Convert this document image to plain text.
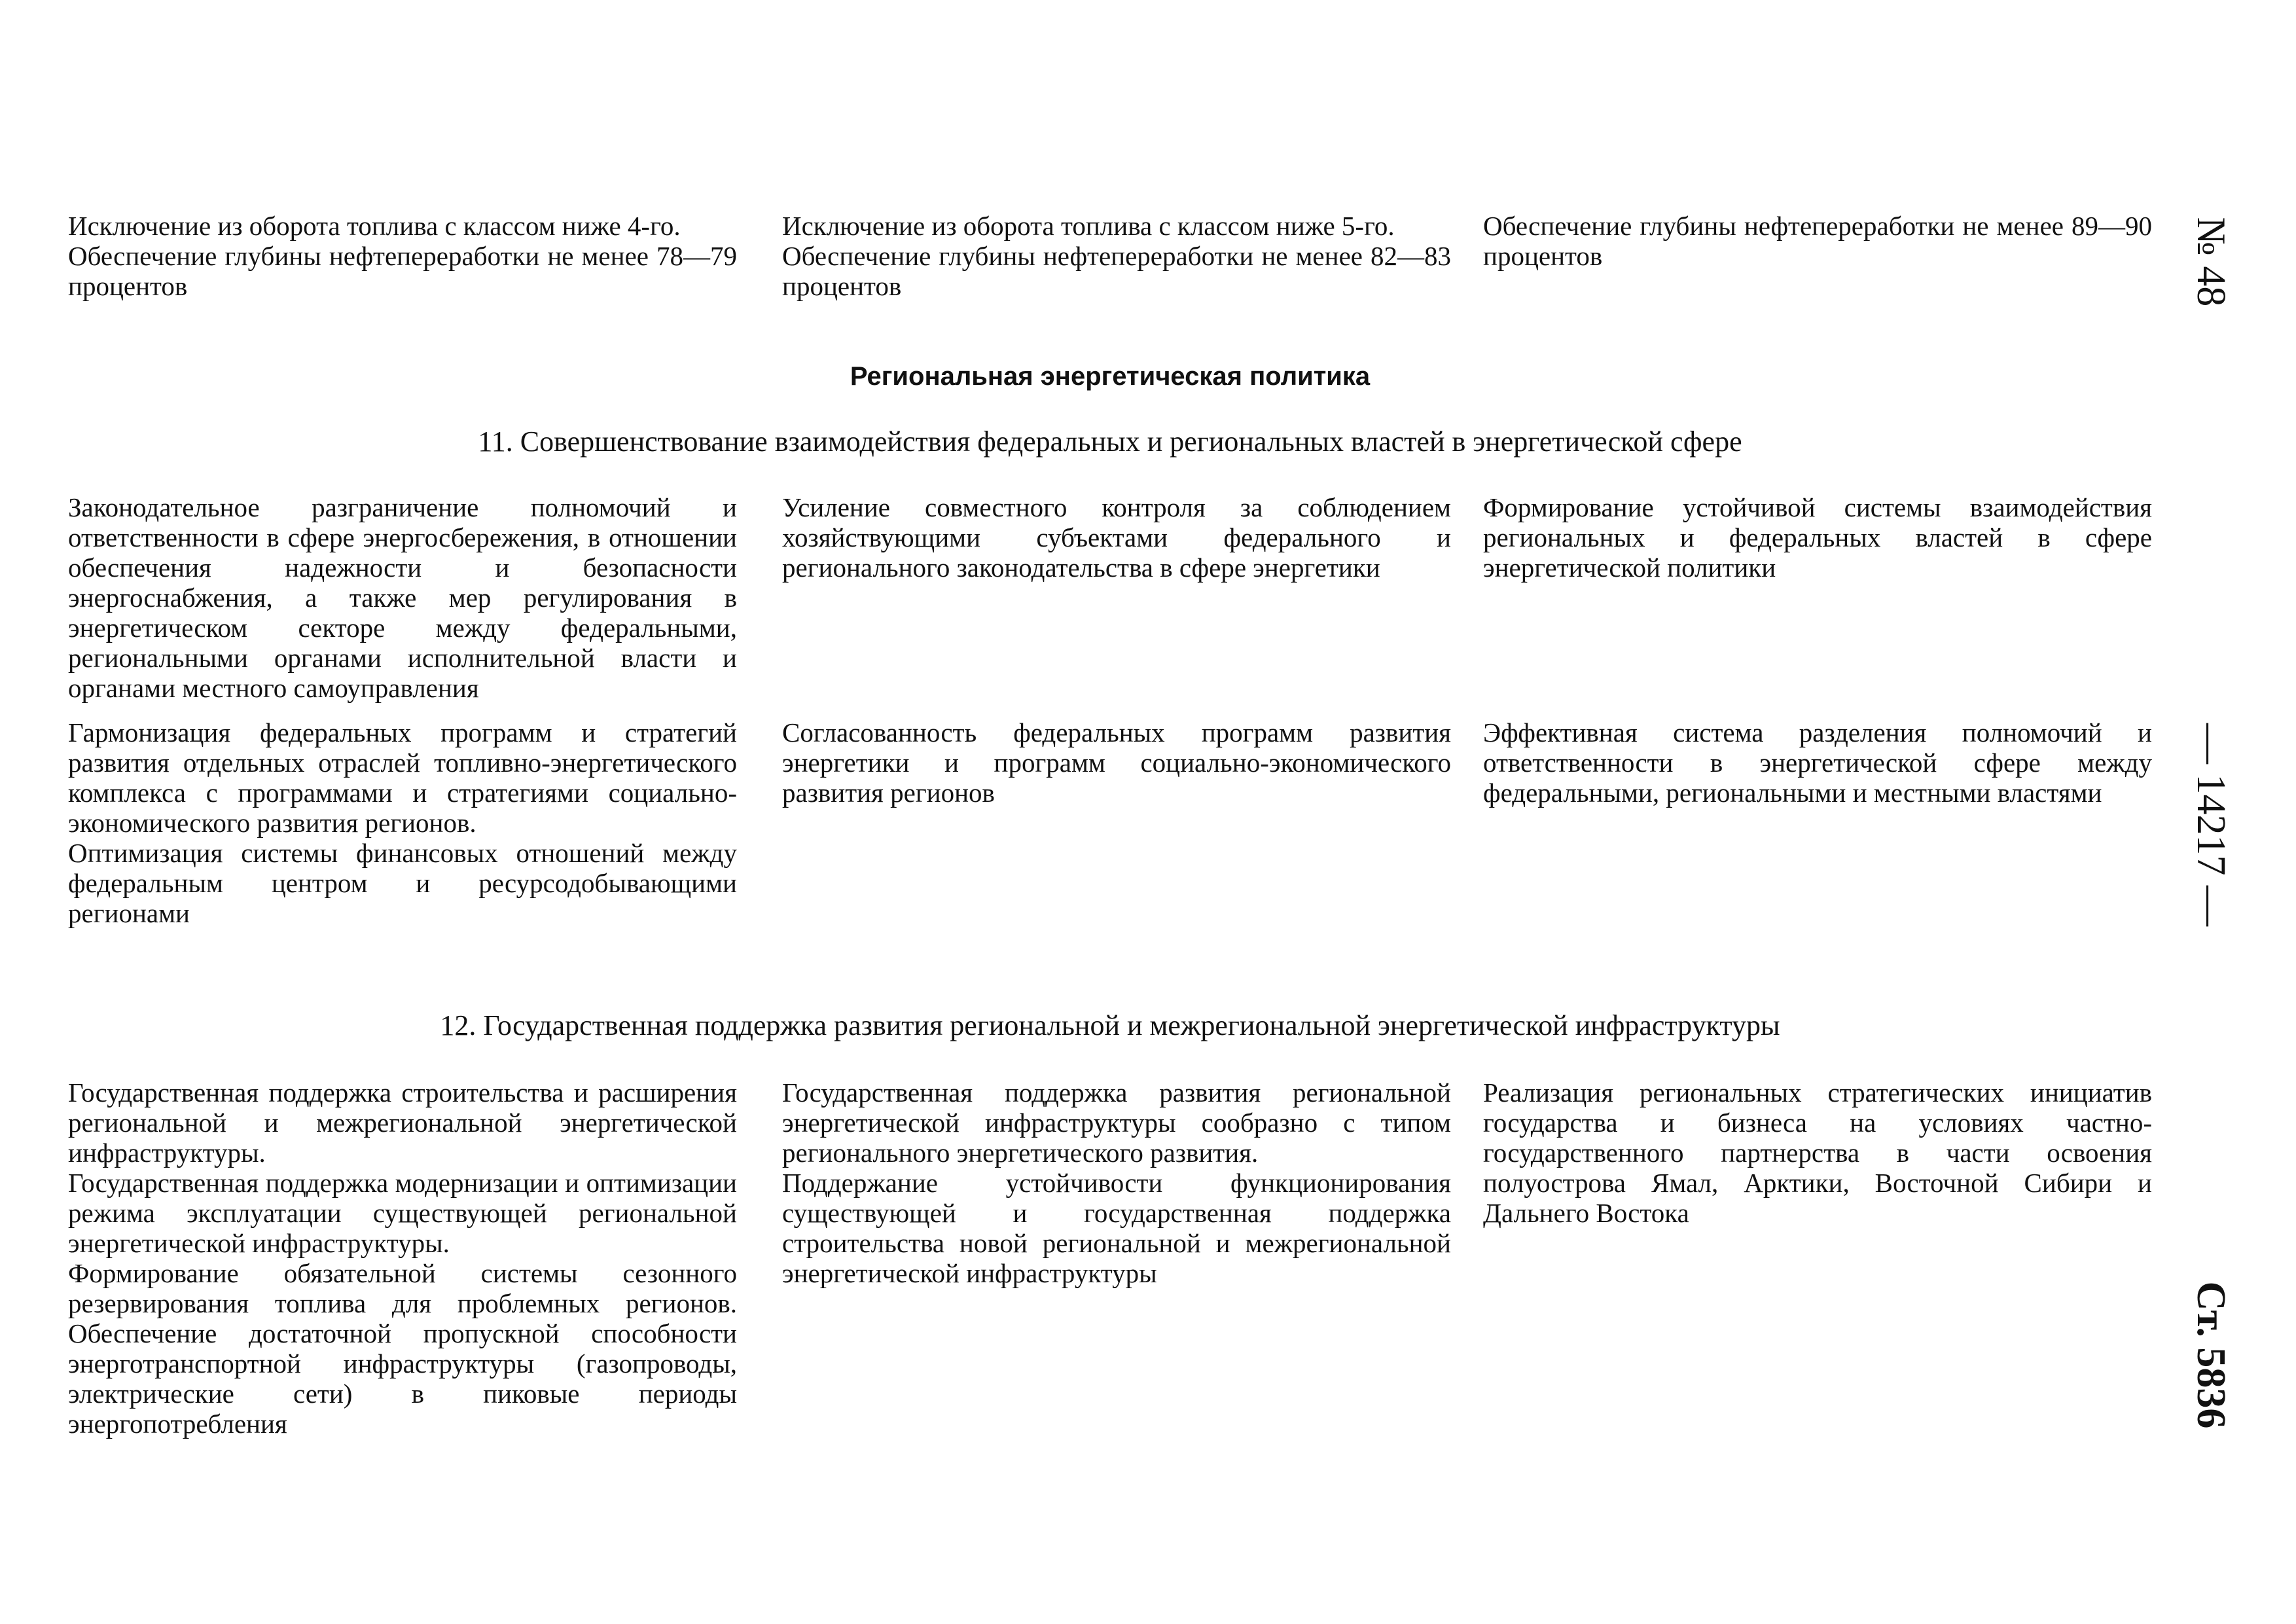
Исключение из оборота топлива с классом ниже 4-го.

Обеспечение глубины нефтепереработки не менее 78—79 процентов

Исключение из оборота топлива с классом ниже 5-го.

Обеспечение глубины нефтепереработки не менее 82—83 процентов

Обеспечение глубины нефтепереработки не менее 89—90 процентов

Региональная энергетическая политика
11. Совершенствование взаимодействия федеральных и региональных властей в энергетической сфере

Законодательное разграничение полномочий и ответственности в сфере энергосбережения, в отношении обеспечения надежности и безопасности энергоснабжения, а также мер регулирования в энергетическом секторе между федеральными, региональными органами исполнительной власти и органами местного самоуправления

Усиление совместного контроля за соблюдением хозяйствующими субъектами федерального и регионального законодательства в сфере энергетики

Формирование устойчивой системы взаимодействия региональных и федеральных властей в сфере энергетической политики

Гармонизация федеральных программ и стратегий развития отдельных отраслей топливно-энергетического комплекса с программами и стратегиями социально-экономического развития регионов.

Оптимизация системы финансовых отношений между федеральным центром и ресурсодобывающими регионами

Согласованность федеральных программ развития энергетики и программ социально-экономического развития регионов

Эффективная система разделения полномочий и ответственности в энергетической сфере между федеральными, региональными и местными властями

12. Государственная поддержка развития региональной и межрегиональной энергетической инфраструктуры

Государственная поддержка строительства и расширения региональной и межрегиональной энергетической инфраструктуры.

Государственная поддержка модернизации и оптимизации режима эксплуатации существующей региональной энергетической инфраструктуры.

Формирование обязательной системы сезонного резервирования топлива для проблемных регионов. Обеспечение достаточной пропускной способности энерготранспортной инфраструктуры (газопроводы, электрические сети) в пиковые периоды энергопотребления

Государственная поддержка развития региональной энергетической инфраструктуры сообразно с типом регионального энергетического развития.

Поддержание устойчивости функционирования существующей и государственная поддержка строительства новой региональной и межрегиональной энергетической инфраструктуры

Реализация региональных стратегических инициатив государства и бизнеса на условиях частно-государственного партнерства в части освоения полуострова Ямал, Арктики, Восточной Сибири и Дальнего Востока

№ 48
— 14217 —
Ст. 5836
